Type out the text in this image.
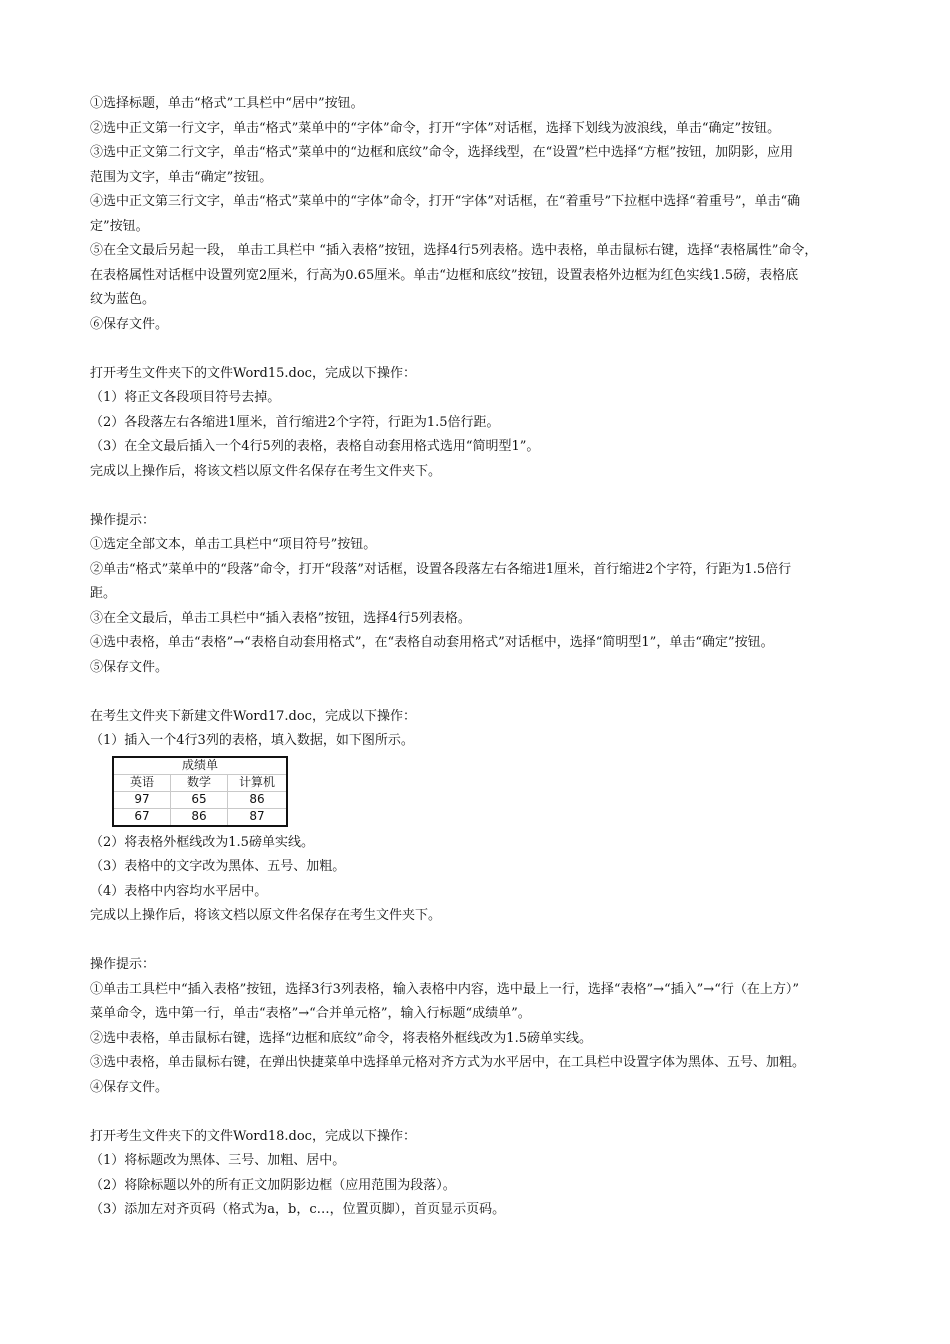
①选择标题，单击“格式”工具栏中“居中”按钮。
②选中正文第一行文字，单击“格式”菜单中的“字体”命令，打开“字体”对话框，选择下划线为波浪线，单击“确定”按钮。
③选中正文第二行文字，单击“格式”菜单中的“边框和底纹”命令，选择线型，在“设置”栏中选择“方框”按钮，加阴影，应用
范围为文字，单击“确定”按钮。
④选中正文第三行文字，单击“格式”菜单中的“字体”命令，打开“字体”对话框，在“着重号”下拉框中选择“着重号”，单击“确
定”按钮。
⑤在全文最后另起一段， 单击工具栏中 “插入表格”按钮，选择4行5列表格。选中表格，单击鼠标右键，选择“表格属性”命令，
在表格属性对话框中设置列宽2厘米，行高为0.65厘米。单击“边框和底纹”按钮，设置表格外边框为红色实线1.5磅，表格底
纹为蓝色。
⑥保存文件。
打开考生文件夹下的文件Word15.doc，完成以下操作：
（1）将正文各段项目符号去掉。
（2）各段落左右各缩进1厘米，首行缩进2个字符，行距为1.5倍行距。
（3）在全文最后插入一个4行5列的表格，表格自动套用格式选用“简明型1”。
完成以上操作后，将该文档以原文件名保存在考生文件夹下。
操作提示：
①选定全部文本，单击工具栏中“项目符号”按钮。
②单击“格式”菜单中的“段落”命令，打开“段落”对话框，设置各段落左右各缩进1厘米，首行缩进2个字符，行距为1.5倍行
距。
③在全文最后，单击工具栏中“插入表格”按钮，选择4行5列表格。
④选中表格，单击“表格”→“表格自动套用格式”，在“表格自动套用格式”对话框中，选择“简明型1”，单击“确定”按钮。
⑤保存文件。
在考生文件夹下新建文件Word17.doc，完成以下操作：
（1）插入一个4行3列的表格，填入数据，如下图所示。
成绩单		
英语	数学	计算机
97	65	86
67	86	87
（2）将表格外框线改为1.5磅单实线。
（3）表格中的文字改为黑体、五号、加粗。
（4）表格中内容均水平居中。
完成以上操作后，将该文档以原文件名保存在考生文件夹下。
操作提示：
①单击工具栏中“插入表格”按钮，选择3行3列表格，输入表格中内容，选中最上一行，选择“表格”→“插入”→“行（在上方）”
菜单命令，选中第一行，单击“表格”→“合并单元格”，输入行标题“成绩单”。
②选中表格，单击鼠标右键，选择“边框和底纹”命令，将表格外框线改为1.5磅单实线。
③选中表格，单击鼠标右键，在弹出快捷菜单中选择单元格对齐方式为水平居中，在工具栏中设置字体为黑体、五号、加粗。
④保存文件。
打开考生文件夹下的文件Word18.doc，完成以下操作：
（1）将标题改为黑体、三号、加粗、居中。
（2）将除标题以外的所有正文加阴影边框（应用范围为段落）。
（3）添加左对齐页码（格式为a，b，c…，位置页脚），首页显示页码。
